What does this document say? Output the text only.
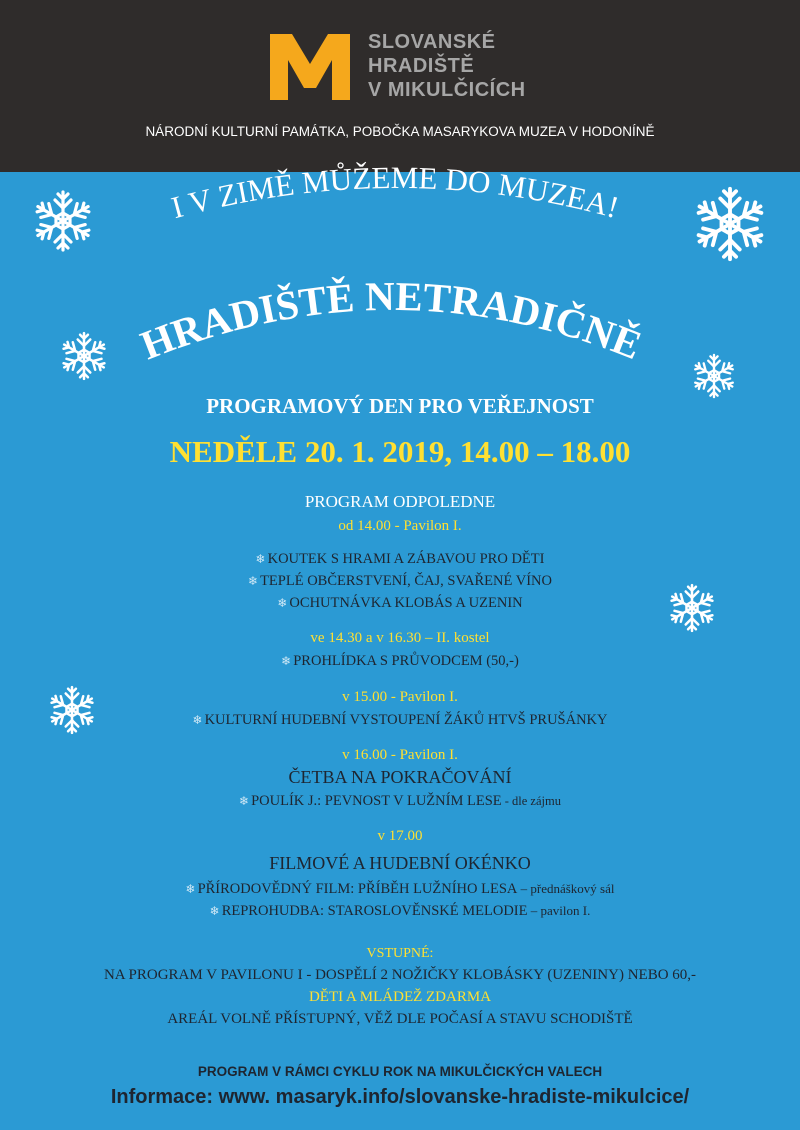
SLOVANSKÉ
HRADIŠTĚ
V MIKULČICÍCH
NÁRODNÍ KULTURNÍ PAMÁTKA, POBOČKA MASARYKOVA MUZEA V HODONÍNĚ
I V ZIMĚ MŮŽEME DO MUZEA!
HRADIŠTĚ NETRADIČNĚ
PROGRAMOVÝ DEN PRO VEŘEJNOST
NEDĚLE 20. 1. 2019, 14.00 – 18.00
PROGRAM ODPOLEDNE
od 14.00 - Pavilon I.
❄ KOUTEK S HRAMI A ZÁBAVOU PRO DĚTI
❄ TEPLÉ OBČERSTVENÍ, ČAJ, SVAŘENÉ VÍNO
❄ OCHUTNÁVKA KLOBÁS A UZENIN
ve 14.30 a v 16.30 – II. kostel
❄ PROHLÍDKA S PRŮVODCEM (50,-)
v 15.00 - Pavilon I.
❄ KULTURNÍ HUDEBNÍ VYSTOUPENÍ ŽÁKŮ HTVŠ PRUŠÁNKY
v 16.00 - Pavilon I.
ČETBA NA POKRAČOVÁNÍ
❄ POULÍK J.: PEVNOST V LUŽNÍM LESE - dle zájmu
v 17.00
FILMOVÉ A HUDEBNÍ OKÉNKO
❄ PŘÍRODOVĚDNÝ FILM: PŘÍBĚH LUŽNÍHO LESA – přednáškový sál
❄ REPROHUDBA: STAROSLOVĚNSKÉ MELODIE – pavilon I.
VSTUPNÉ:
NA PROGRAM V PAVILONU I - DOSPĚLÍ 2 NOŽIČKY KLOBÁSKY (UZENINY) NEBO 60,-
DĚTI A MLÁDEŽ ZDARMA
AREÁL VOLNĚ PŘÍSTUPNÝ, VĚŽ DLE POČASÍ A STAVU SCHODIŠTĚ
PROGRAM V RÁMCI CYKLU ROK NA MIKULČICKÝCH VALECH
Informace: www. masaryk.info/slovanske-hradiste-mikulcice/
